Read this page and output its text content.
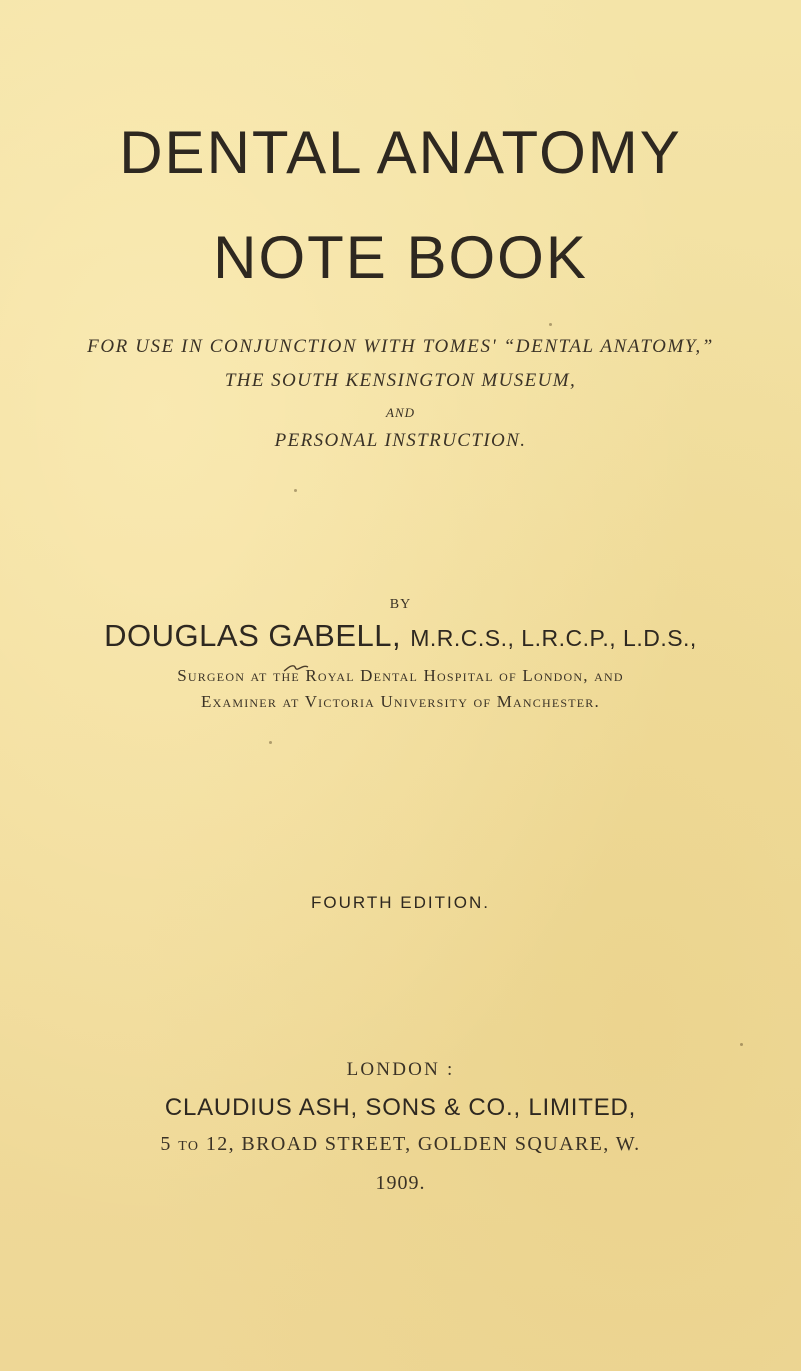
DENTAL ANATOMY
NOTE BOOK
FOR USE IN CONJUNCTION WITH TOMES' “DENTAL ANATOMY,”
THE SOUTH KENSINGTON MUSEUM,
AND
PERSONAL INSTRUCTION.
BY
DOUGLAS GABELL, M.R.C.S., L.R.C.P., L.D.S.,
Surgeon at the Royal Dental Hospital of London, and
Examiner at Victoria University of Manchester.
FOURTH EDITION.
LONDON :
CLAUDIUS ASH, SONS & CO., LIMITED,
5 TO 12, BROAD STREET, GOLDEN SQUARE, W.
1909.
